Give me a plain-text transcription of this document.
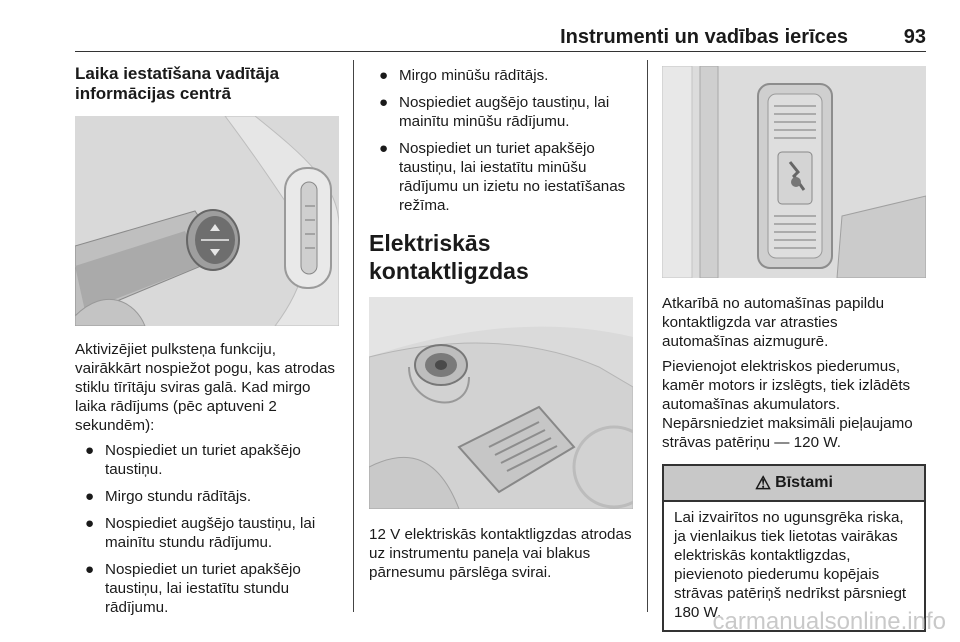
Instrumenti un vadības ierīces	93
Laika iestatīšana vadītāja informācijas centrā

Aktivizējiet pulksteņa funkciju, vairākkārt nospiežot pogu, kas atrodas stiklu tīrītāju sviras galā. Kad mirgo laika rādījums (pēc aptuveni 2 sekundēm):

● Nospiediet un turiet apakšējo taustiņu.
● Mirgo stundu rādītājs.
● Nospiediet augšējo taustiņu, lai mainītu stundu rādījumu.
● Nospiediet un turiet apakšējo taustiņu, lai iestatītu stundu rādījumu.
● Mirgo minūšu rādītājs.
● Nospiediet augšējo taustiņu, lai mainītu minūšu rādījumu.
● Nospiediet un turiet apakšējo taustiņu, lai iestatītu minūšu rādījumu un izietu no iestatīšanas režīma.
Elektriskās kontaktligzdas

12 V elektriskās kontaktligzdas atrodas uz instrumentu paneļa vai blakus pārnesumu pārslēga svirai.

Atkarībā no automašīnas papildu kontaktligzda var atrasties automašīnas aizmugurē.

Pievienojot elektriskos piederumus, kamēr motors ir izslēgts, tiek izlādēts automašīnas akumulators.

Nepārsniedziet maksimāli pieļaujamo strāvas patēriņu — 120 W.

⚠ Bīstami
Lai izvairītos no ugunsgrēka riska, ja vienlaikus tiek lietotas vairākas elektriskās kontaktligzdas, pievienoto piederumu kopējais strāvas patēriņš nedrīkst pārsniegt 180 W.
carmanualsonline.info
